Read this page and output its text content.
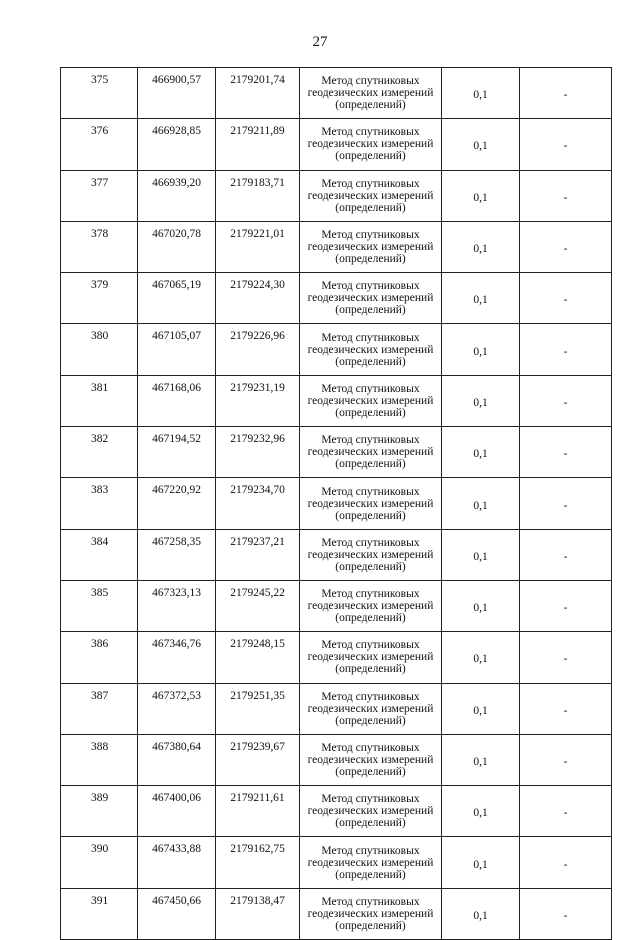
27
375	466900,57	2179201,74	Метод спутниковых
геодезических измерений
(определений)	0,1	-
376	466928,85	2179211,89	Метод спутниковых
геодезических измерений
(определений)	0,1	-
377	466939,20	2179183,71	Метод спутниковых
геодезических измерений
(определений)	0,1	-
378	467020,78	2179221,01	Метод спутниковых
геодезических измерений
(определений)	0,1	-
379	467065,19	2179224,30	Метод спутниковых
геодезических измерений
(определений)	0,1	-
380	467105,07	2179226,96	Метод спутниковых
геодезических измерений
(определений)	0,1	-
381	467168,06	2179231,19	Метод спутниковых
геодезических измерений
(определений)	0,1	-
382	467194,52	2179232,96	Метод спутниковых
геодезических измерений
(определений)	0,1	-
383	467220,92	2179234,70	Метод спутниковых
геодезических измерений
(определений)	0,1	-
384	467258,35	2179237,21	Метод спутниковых
геодезических измерений
(определений)	0,1	-
385	467323,13	2179245,22	Метод спутниковых
геодезических измерений
(определений)	0,1	-
386	467346,76	2179248,15	Метод спутниковых
геодезических измерений
(определений)	0,1	-
387	467372,53	2179251,35	Метод спутниковых
геодезических измерений
(определений)	0,1	-
388	467380,64	2179239,67	Метод спутниковых
геодезических измерений
(определений)	0,1	-
389	467400,06	2179211,61	Метод спутниковых
геодезических измерений
(определений)	0,1	-
390	467433,88	2179162,75	Метод спутниковых
геодезических измерений
(определений)	0,1	-
391	467450,66	2179138,47	Метод спутниковых
геодезических измерений
(определений)	0,1	-
